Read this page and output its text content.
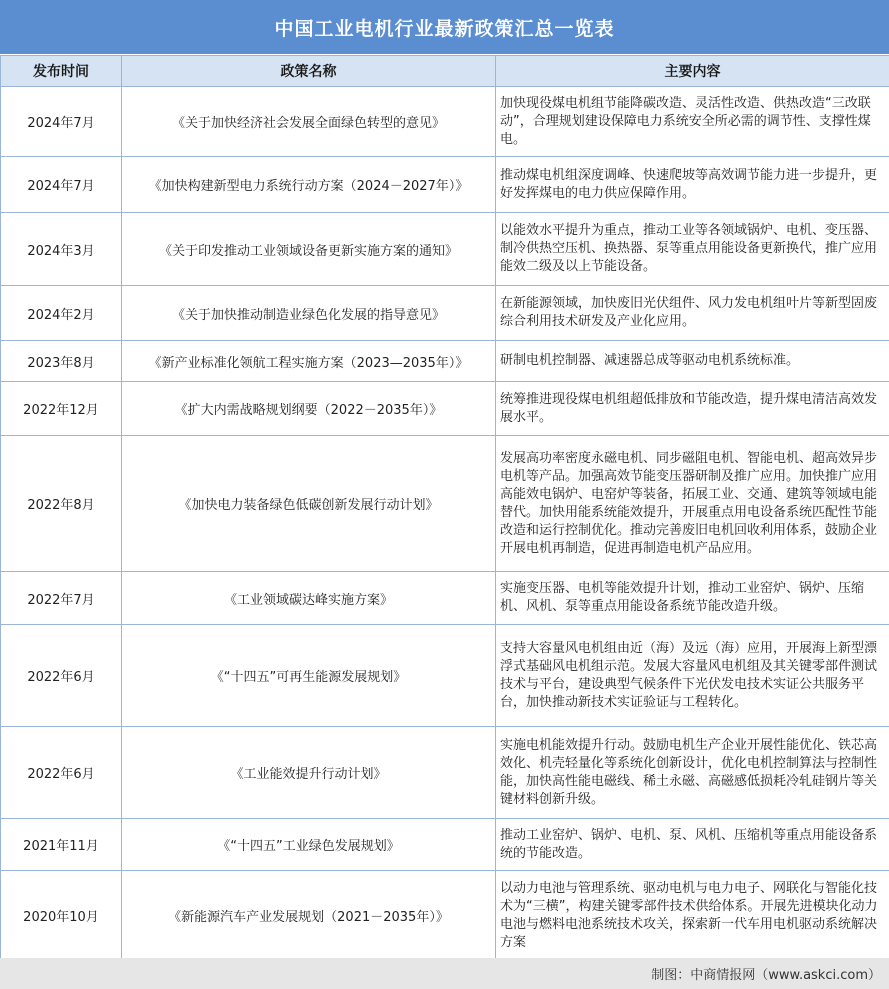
中国工业电机行业最新政策汇总一览表
发布时间	政策名称	主要内容
2024年7月	《关于加快经济社会发展全面绿色转型的意见》	加快现役煤电机组节能降碳改造、灵活性改造、供热改造“三改联动”，合理规划建设保障电力系统安全所必需的调节性、支撑性煤电。
2024年7月	《加快构建新型电力系统行动方案（2024－2027年）》	推动煤电机组深度调峰、快速爬坡等高效调节能力进一步提升，更好发挥煤电的电力供应保障作用。
2024年3月	《关于印发推动工业领域设备更新实施方案的通知》	以能效水平提升为重点，推动工业等各领域锅炉、电机、变压器、制冷供热空压机、换热器、泵等重点用能设备更新换代，推广应用能效二级及以上节能设备。
2024年2月	《关于加快推动制造业绿色化发展的指导意见》	在新能源领域，加快废旧光伏组件、风力发电机组叶片等新型固废综合利用技术研发及产业化应用。
2023年8月	《新产业标准化领航工程实施方案（2023—2035年）》	研制电机控制器、减速器总成等驱动电机系统标准。
2022年12月	《扩大内需战略规划纲要（2022－2035年）》	统筹推进现役煤电机组超低排放和节能改造，提升煤电清洁高效发展水平。
2022年8月	《加快电力装备绿色低碳创新发展行动计划》	发展高功率密度永磁电机、同步磁阻电机、智能电机、超高效异步电机等产品。加强高效节能变压器研制及推广应用。加快推广应用高能效电锅炉、电窑炉等装备，拓展工业、交通、建筑等领域电能替代。加快用能系统能效提升，开展重点用电设备系统匹配性节能改造和运行控制优化。推动完善废旧电机回收利用体系，鼓励企业开展电机再制造，促进再制造电机产品应用。
2022年7月	《工业领域碳达峰实施方案》	实施变压器、电机等能效提升计划，推动工业窑炉、锅炉、压缩机、风机、泵等重点用能设备系统节能改造升级。
2022年6月	《“十四五”可再生能源发展规划》	支持大容量风电机组由近（海）及远（海）应用，开展海上新型漂浮式基础风电机组示范。发展大容量风电机组及其关键零部件测试技术与平台，建设典型气候条件下光伏发电技术实证公共服务平台，加快推动新技术实证验证与工程转化。
2022年6月	《工业能效提升行动计划》	实施电机能效提升行动。鼓励电机生产企业开展性能优化、铁芯高效化、机壳轻量化等系统化创新设计，优化电机控制算法与控制性能，加快高性能电磁线、稀土永磁、高磁感低损耗冷轧硅钢片等关键材料创新升级。
2021年11月	《“十四五”工业绿色发展规划》	推动工业窑炉、锅炉、电机、泵、风机、压缩机等重点用能设备系统的节能改造。
2020年10月	《新能源汽车产业发展规划（2021－2035年）》	以动力电池与管理系统、驱动电机与电力电子、网联化与智能化技术为“三横”，构建关键零部件技术供给体系。开展先进模块化动力电池与燃料电池系统技术攻关，探索新一代车用电机驱动系统解决方案
制图：中商情报网（www.askci.com）
